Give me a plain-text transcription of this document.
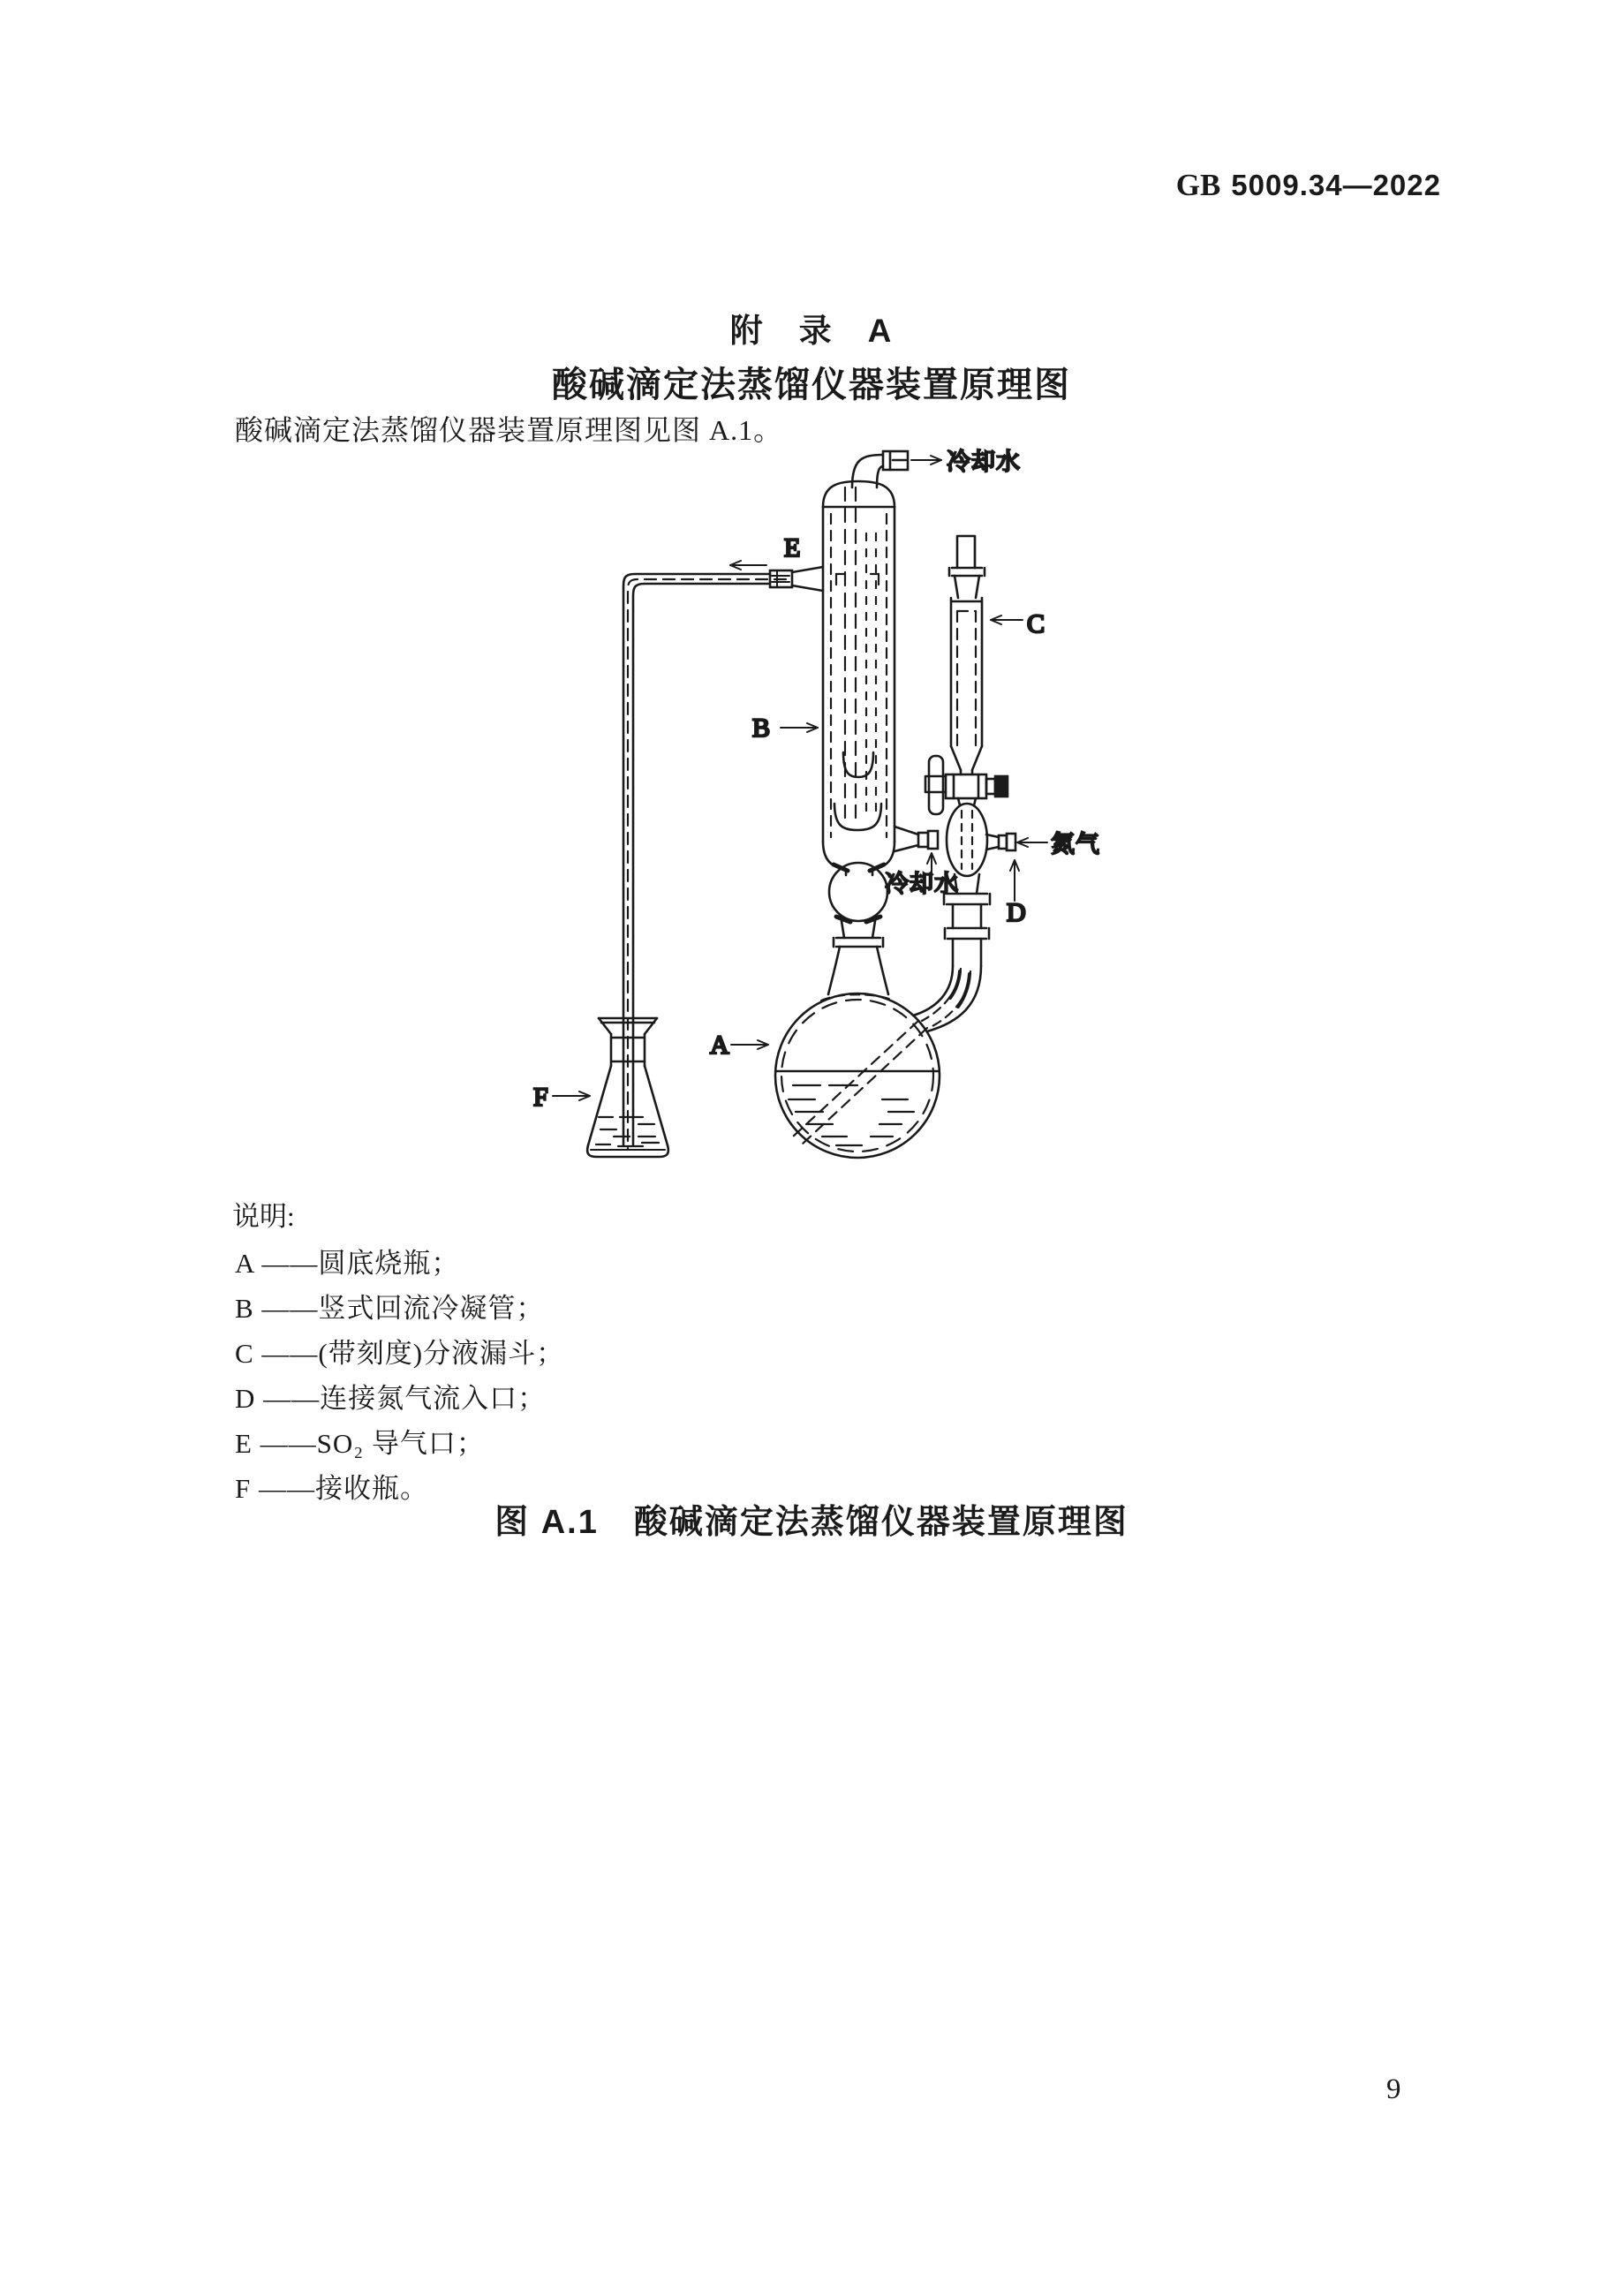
GB 5009.34—2022
附　录　A
酸碱滴定法蒸馏仪器装置原理图
酸碱滴定法蒸馏仪器装置原理图见图 A.1。
冷却水
E
B
冷却水
A
F
C
氮气
D
说明:
A ——圆底烧瓶；
B ——竖式回流冷凝管；
C ——(带刻度)分液漏斗；
D ——连接氮气流入口；
E ——SO₂ 导气口；
F ——接收瓶。
图 A.1　酸碱滴定法蒸馏仪器装置原理图
9
